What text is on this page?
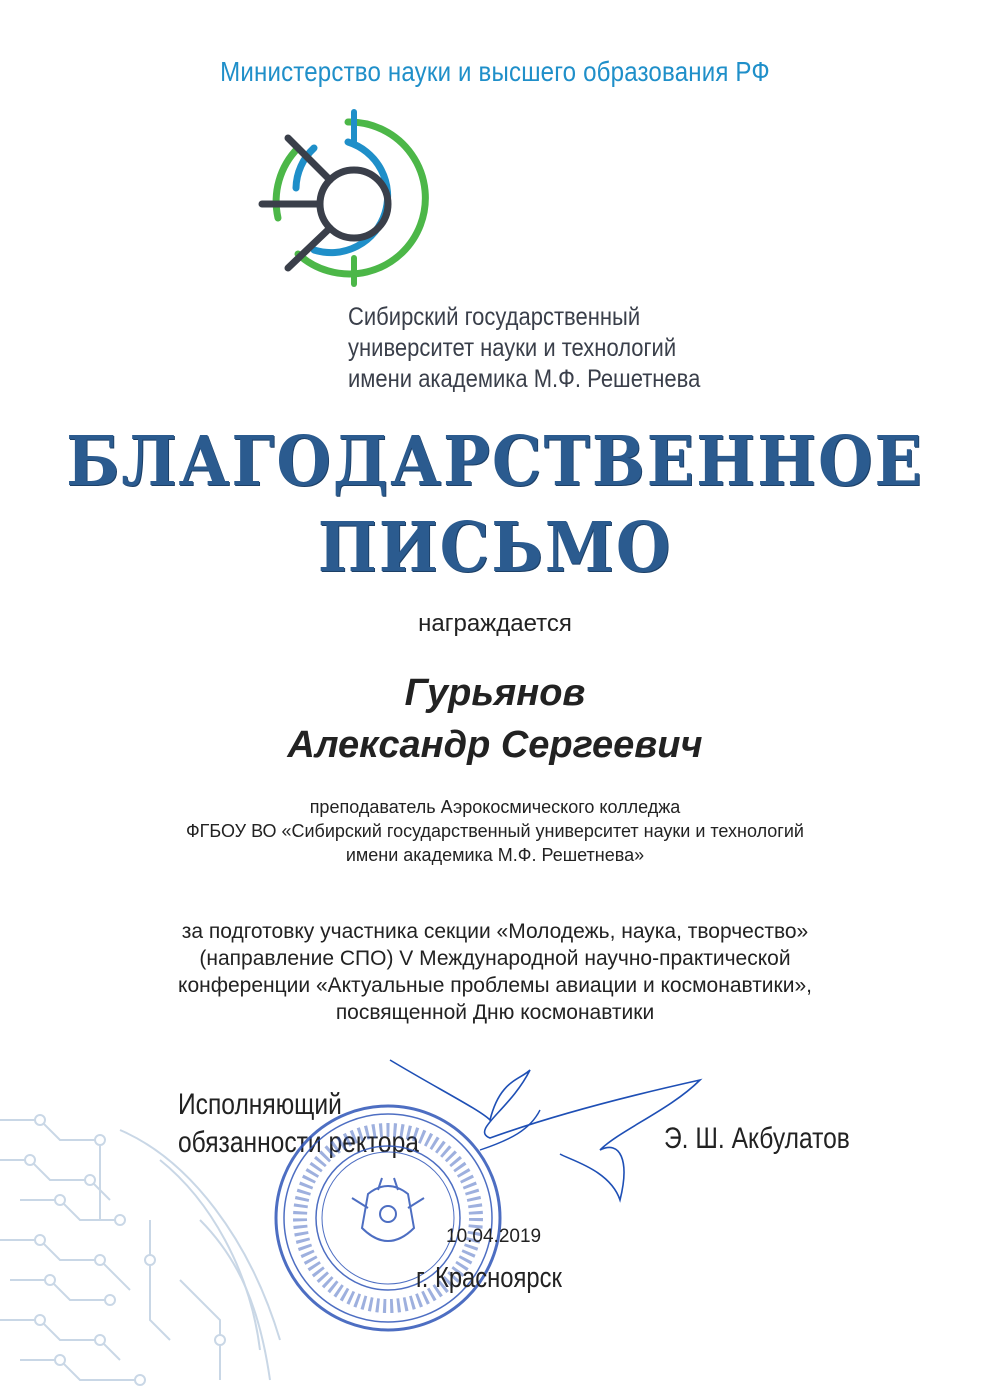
Министерство науки и высшего образования РФ
Сибирский государственный
университет науки и технологий
имени академика М.Ф. Решетнева
БЛАГОДАРСТВЕННОЕ
ПИСЬМО
награждается
Гурьянов
Александр Сергеевич
преподаватель Аэрокосмического колледжа
ФГБОУ ВО «Сибирский государственный университет науки и технологий
имени академика М.Ф. Решетнева»
за подготовку участника секции «Молодежь, наука, творчество»
(направление СПО) V Международной научно-практической
конференции «Актуальные проблемы авиации и космонавтики»,
посвященной Дню космонавтики
Исполняющий
обязанности ректора	Э. Ш. Акбулатов
10.04.2019
г. Красноярск
